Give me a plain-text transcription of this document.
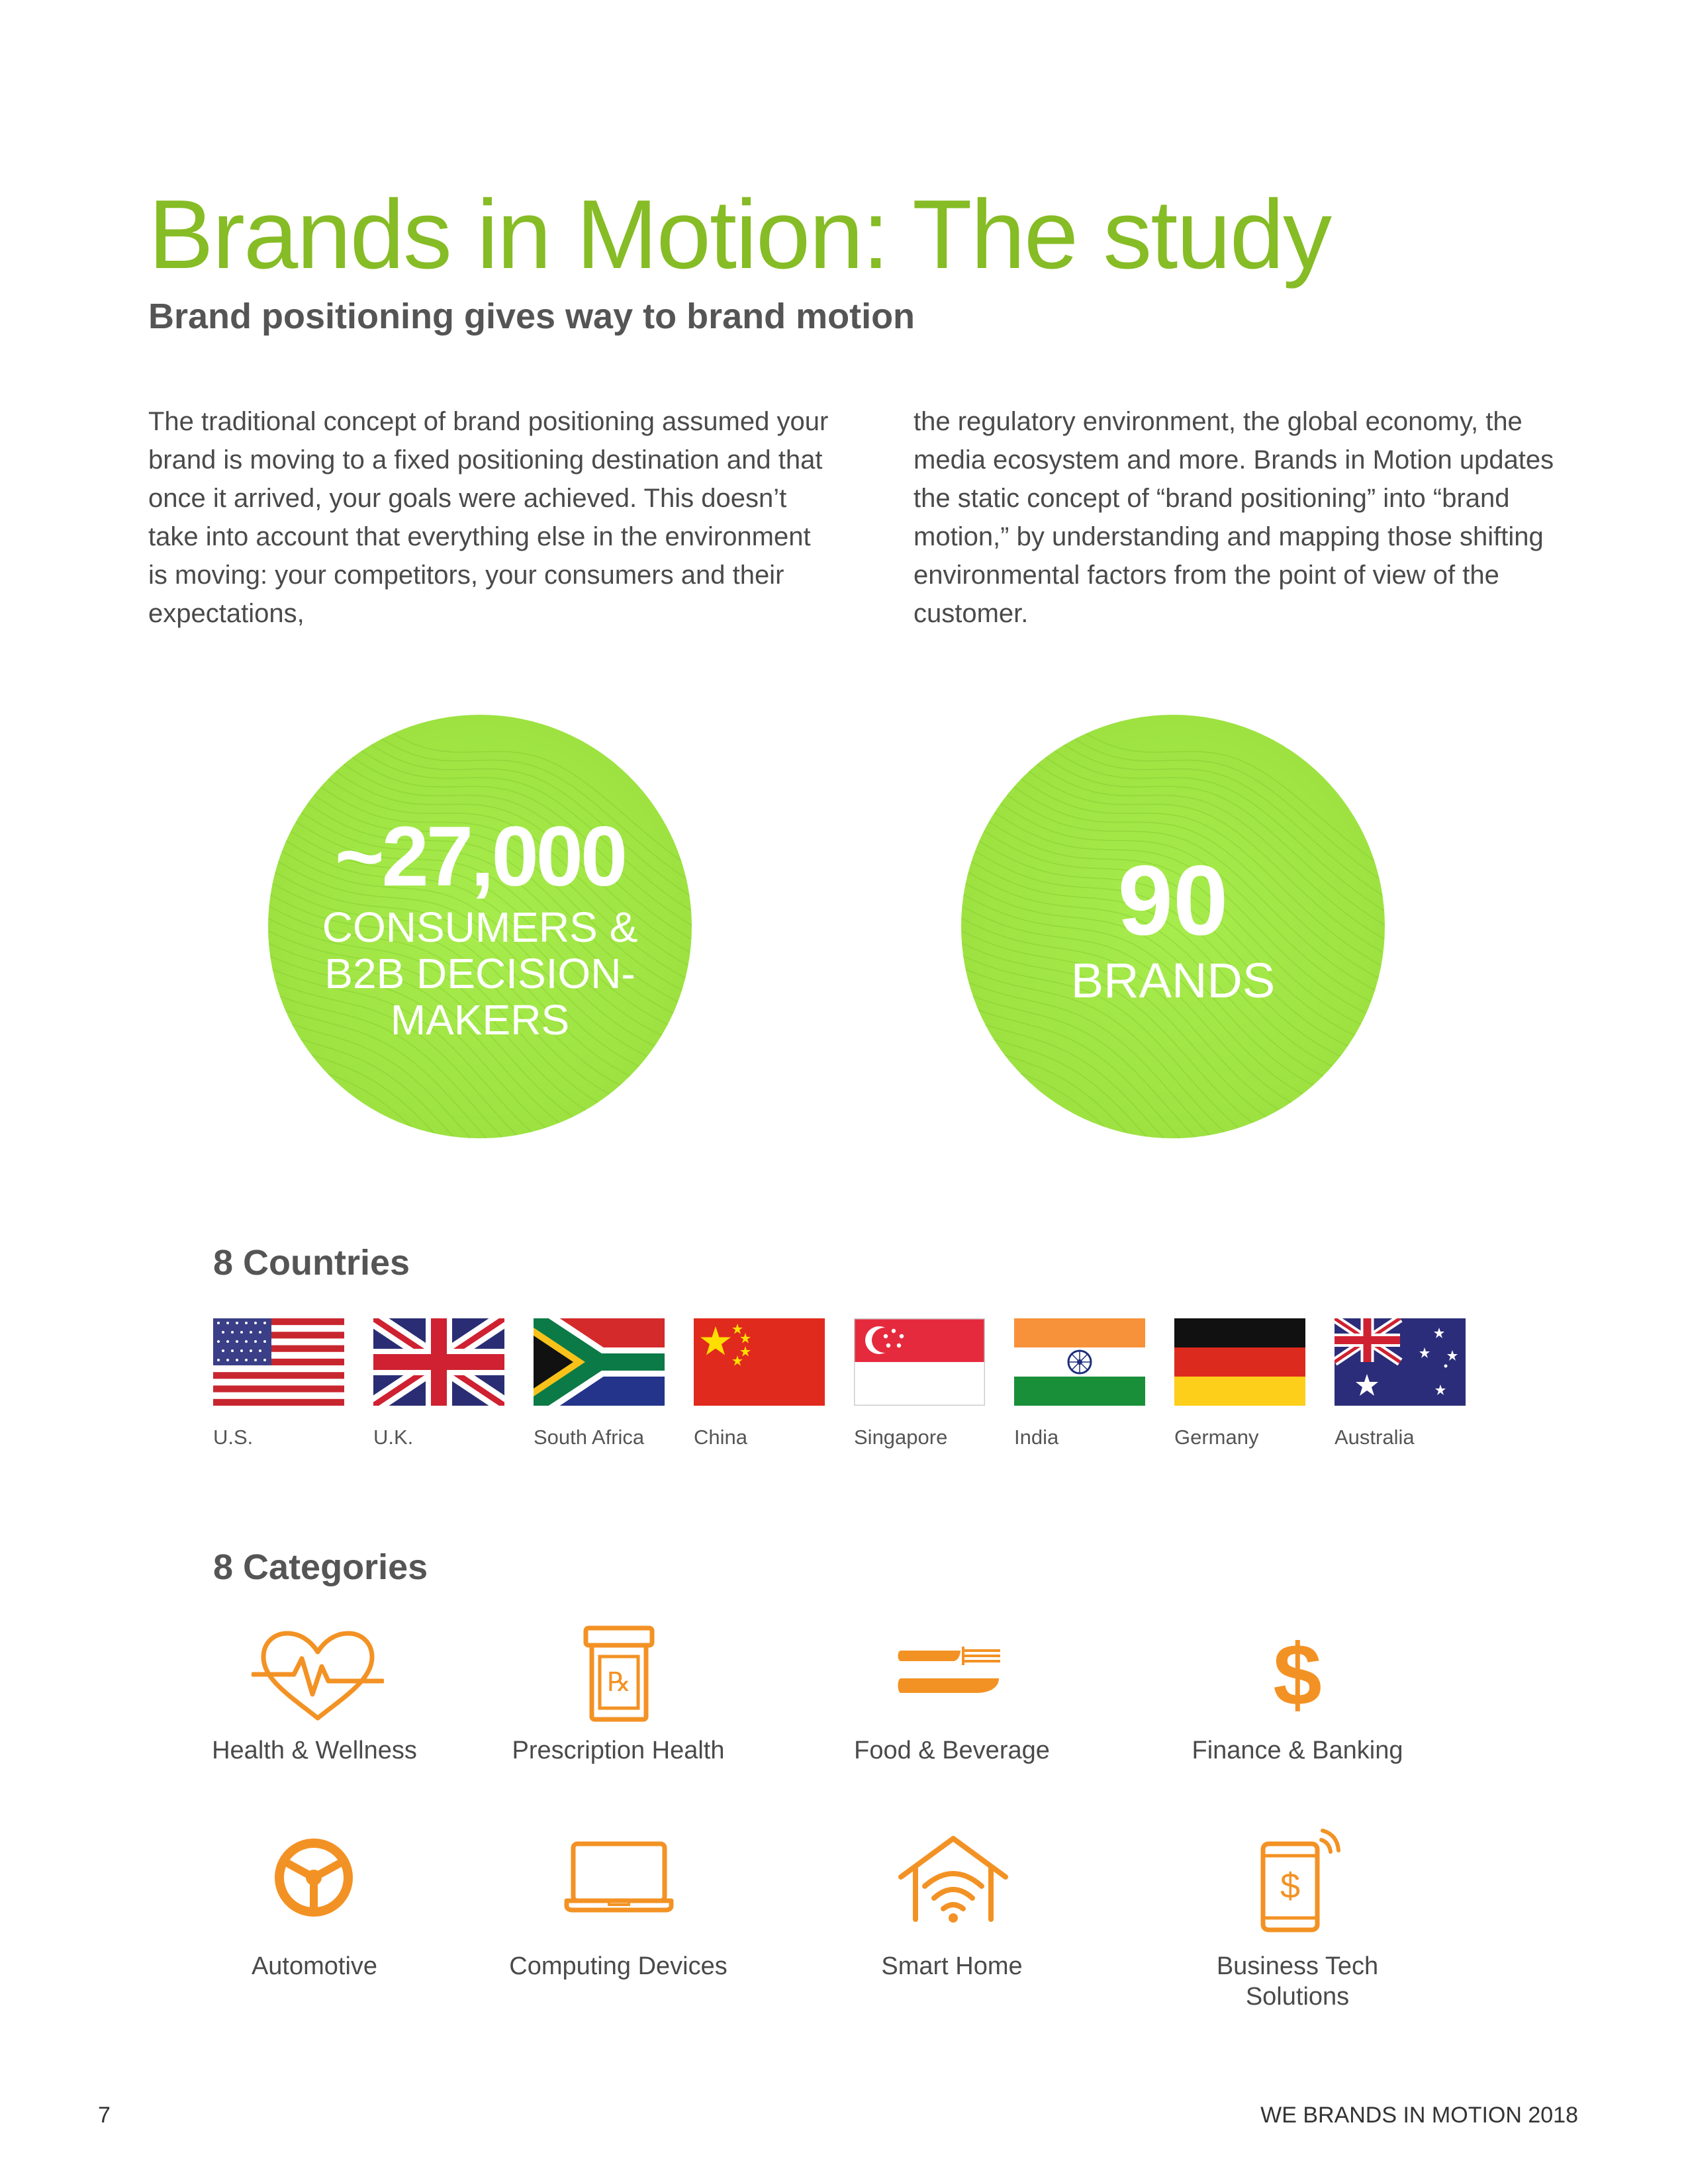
Brands in Motion: The study
Brand positioning gives way to brand motion

The traditional concept of brand positioning assumed your brand is moving to a fixed positioning destination and that once it arrived, your goals were achieved. This doesn’t take into account that everything else in the environment is moving: your competitors, your consumers and their expectations,

the regulatory environment, the global economy, the media ecosystem and more. Brands in Motion updates the static concept of “brand positioning” into “brand motion,” by understanding and mapping those shifting environmental factors from the point of view of the customer.

~27,000

CONSUMERS & B2B DECISION-MAKERS

90

BRANDS

8 Countries
U.S.	U.K.	South Africa China	Singapore	India	Germany	Australia
8 Categories

Health & Wellness

℞

Prescription Health	Food & Beverage

$

Finance & Banking

Automotive	Computing Devices	Smart Home

$

Business Tech Solutions

7	WE BRANDS IN MOTION 2018
